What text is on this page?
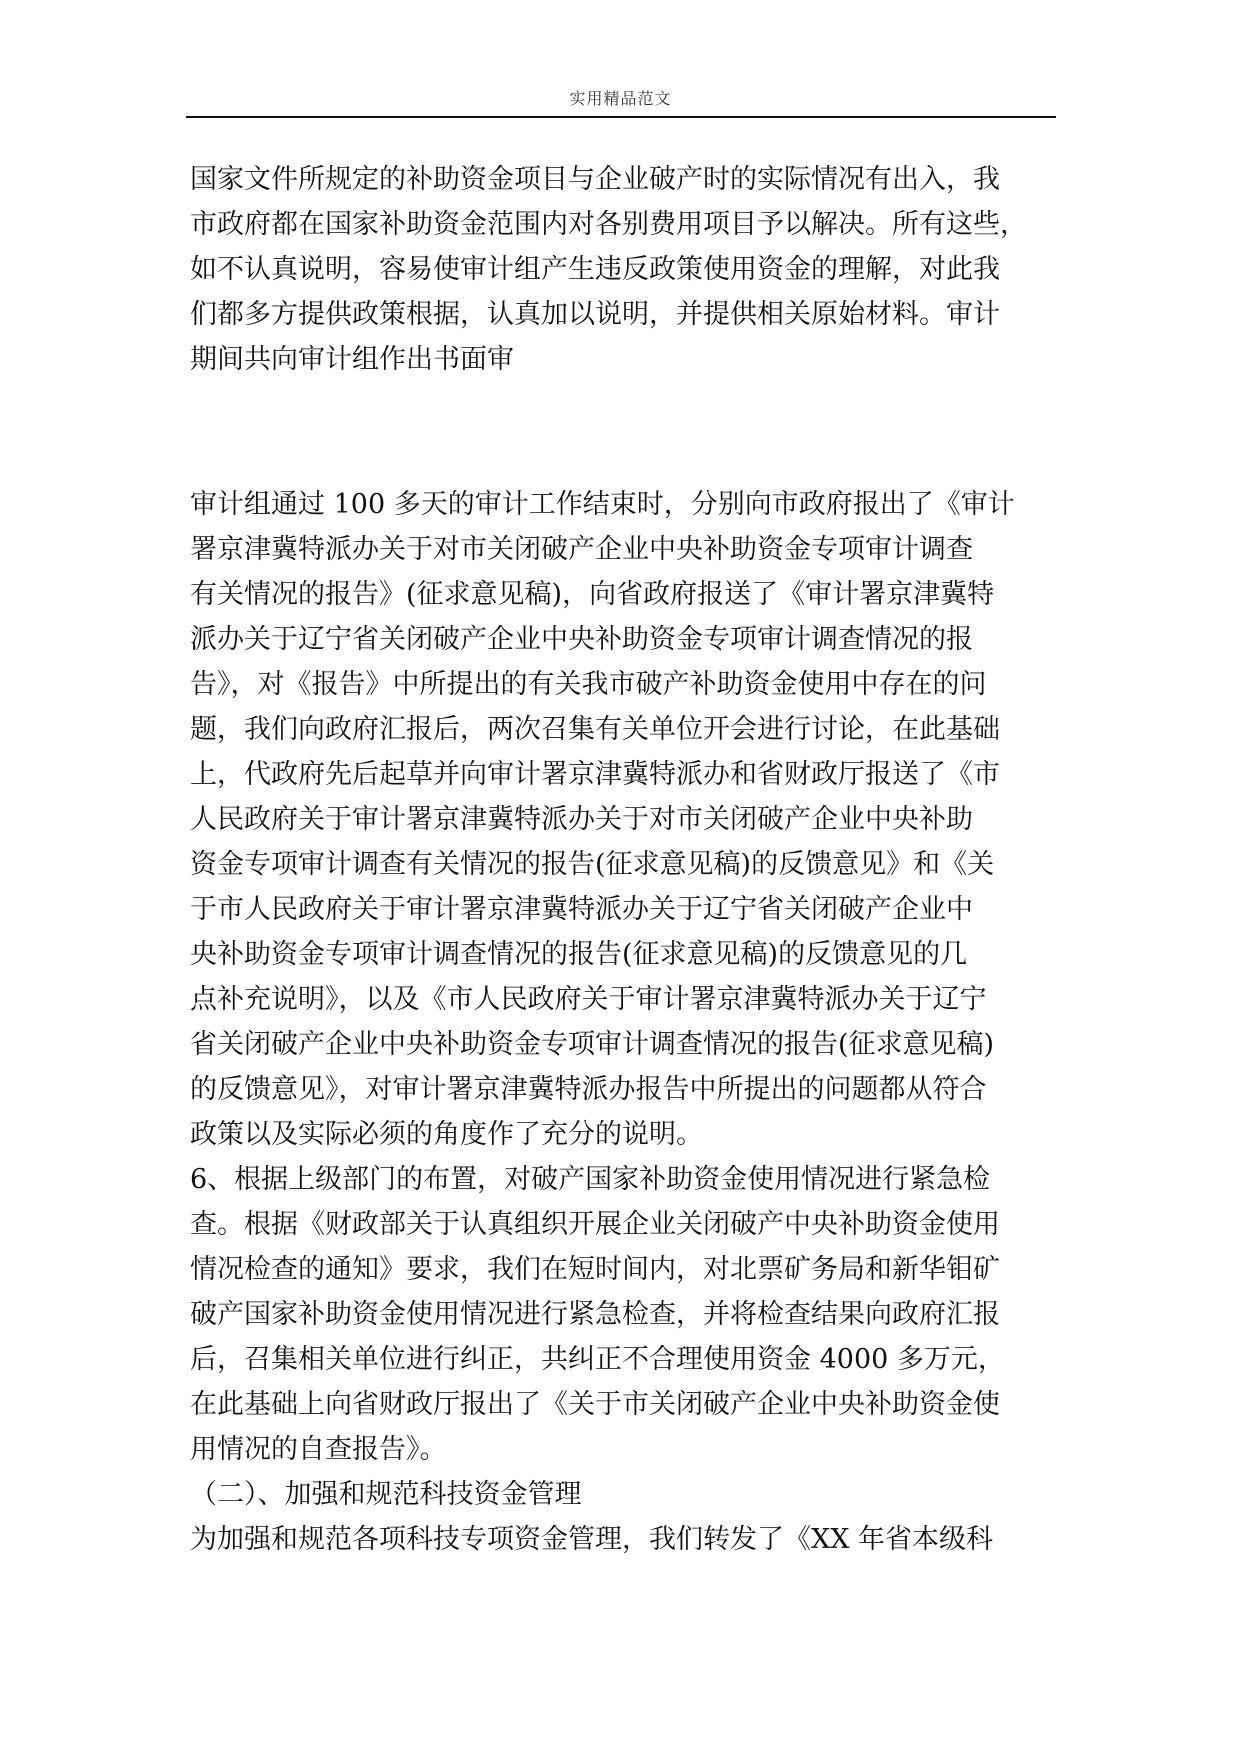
实用精品范文
国家文件所规定的补助资金项目与企业破产时的实际情况有出入，我
市政府都在国家补助资金范围内对各别费用项目予以解决。所有这些，
如不认真说明，容易使审计组产生违反政策使用资金的理解，对此我
们都多方提供政策根据，认真加以说明，并提供相关原始材料。审计
期间共向审计组作出书面审
审计组通过 100 多天的审计工作结束时，分别向市政府报出了《审计
署京津冀特派办关于对市关闭破产企业中央补助资金专项审计调查
有关情况的报告》(征求意见稿)，向省政府报送了《审计署京津冀特
派办关于辽宁省关闭破产企业中央补助资金专项审计调查情况的报
告》，对《报告》中所提出的有关我市破产补助资金使用中存在的问
题，我们向政府汇报后，两次召集有关单位开会进行讨论，在此基础
上，代政府先后起草并向审计署京津冀特派办和省财政厅报送了《市
人民政府关于审计署京津冀特派办关于对市关闭破产企业中央补助
资金专项审计调查有关情况的报告(征求意见稿)的反馈意见》和《关
于市人民政府关于审计署京津冀特派办关于辽宁省关闭破产企业中
央补助资金专项审计调查情况的报告(征求意见稿)的反馈意见的几
点补充说明》，以及《市人民政府关于审计署京津冀特派办关于辽宁
省关闭破产企业中央补助资金专项审计调查情况的报告(征求意见稿)
的反馈意见》，对审计署京津冀特派办报告中所提出的问题都从符合
政策以及实际必须的角度作了充分的说明。
6、根据上级部门的布置，对破产国家补助资金使用情况进行紧急检
查。根据《财政部关于认真组织开展企业关闭破产中央补助资金使用
情况检查的通知》要求，我们在短时间内，对北票矿务局和新华钼矿
破产国家补助资金使用情况进行紧急检查，并将检查结果向政府汇报
后，召集相关单位进行纠正，共纠正不合理使用资金 4000 多万元，
在此基础上向省财政厅报出了《关于市关闭破产企业中央补助资金使
用情况的自查报告》。
（二）、加强和规范科技资金管理
为加强和规范各项科技专项资金管理，我们转发了《XX 年省本级科
